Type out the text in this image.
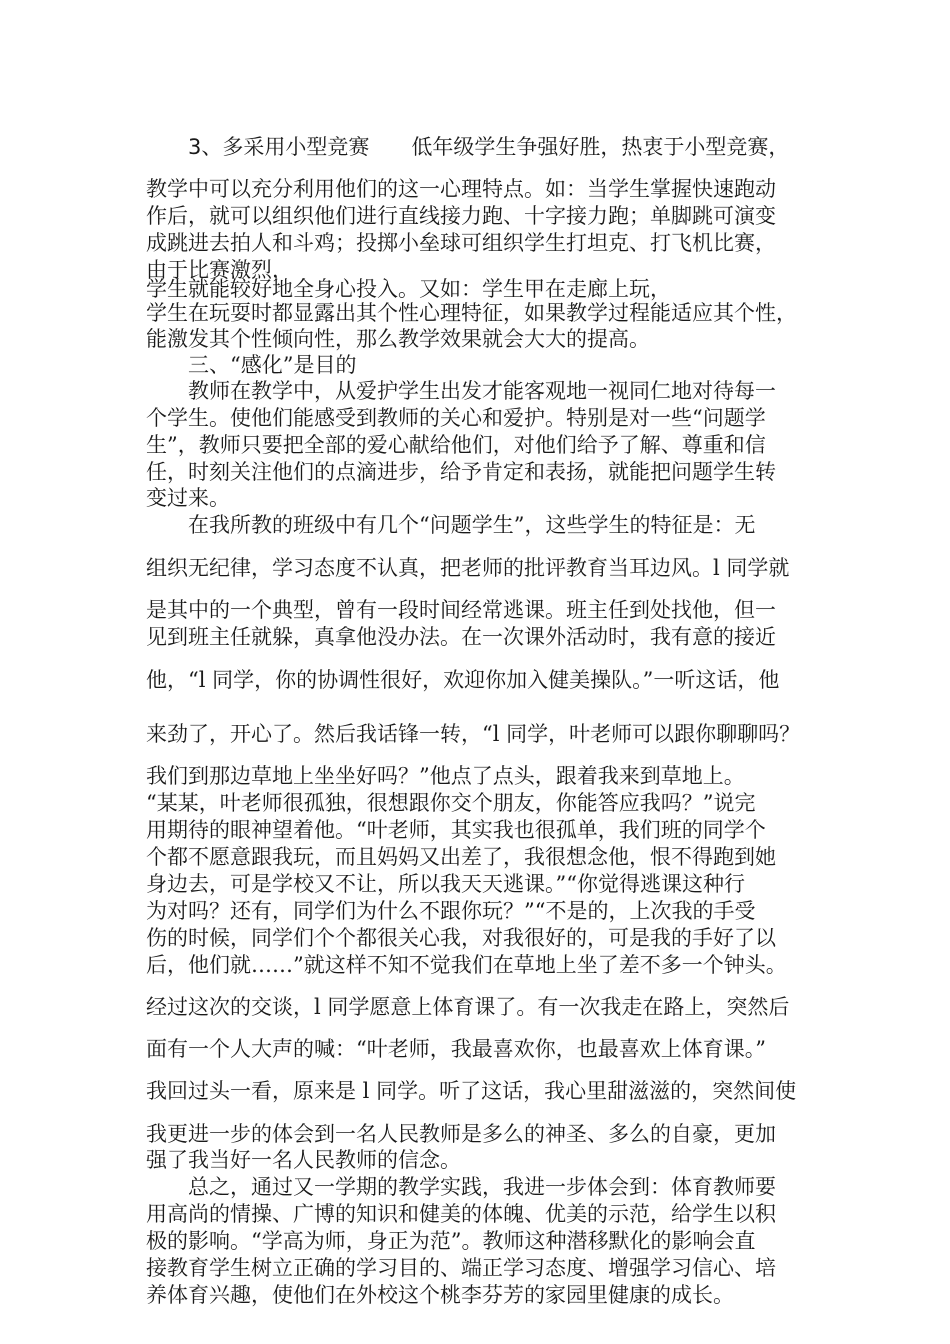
3、多采用小型竞赛　　低年级学生争强好胜，热衷于小型竞赛，
教学中可以充分利用他们的这一心理特点。如：当学生掌握快速跑动
作后，就可以组织他们进行直线接力跑、十字接力跑；单脚跳可演变
成跳进去拍人和斗鸡；投掷小垒球可组织学生打坦克、打飞机比赛，
由于比赛激烈，
学生就能较好地全身心投入。又如：学生甲在走廊上玩，
学生在玩耍时都显露出其个性心理特征，如果教学过程能适应其个性，
能激发其个性倾向性，那么教学效果就会大大的提高。
三、“感化”是目的
教师在教学中，从爱护学生出发才能客观地一视同仁地对待每一
个学生。使他们能感受到教师的关心和爱护。特别是对一些“问题学
生”，教师只要把全部的爱心献给他们，对他们给予了解、尊重和信
任，时刻关注他们的点滴进步，给予肯定和表扬，就能把问题学生转
变过来。
在我所教的班级中有几个“问题学生”，这些学生的特征是：无
组织无纪律，学习态度不认真，把老师的批评教育当耳边风。l 同学就
是其中的一个典型，曾有一段时间经常逃课。班主任到处找他，但一
见到班主任就躲，真拿他没办法。在一次课外活动时，我有意的接近
他，“l 同学，你的协调性很好，欢迎你加入健美操队。”一听这话，他
来劲了，开心了。然后我话锋一转，“l 同学，叶老师可以跟你聊聊吗？
我们到那边草地上坐坐好吗？”他点了点头，跟着我来到草地上。
“某某，叶老师很孤独，很想跟你交个朋友，你能答应我吗？”说完
用期待的眼神望着他。“叶老师，其实我也很孤单，我们班的同学个
个都不愿意跟我玩，而且妈妈又出差了，我很想念他，恨不得跑到她
身边去，可是学校又不让，所以我天天逃课。”“你觉得逃课这种行
为对吗？还有，同学们为什么不跟你玩？”“不是的，上次我的手受
伤的时候，同学们个个都很关心我，对我很好的，可是我的手好了以
后，他们就……”就这样不知不觉我们在草地上坐了差不多一个钟头。
经过这次的交谈，l 同学愿意上体育课了。有一次我走在路上，突然后
面有一个人大声的喊：“叶老师，我最喜欢你，也最喜欢上体育课。”
我回过头一看，原来是 l 同学。听了这话，我心里甜滋滋的，突然间使
我更进一步的体会到一名人民教师是多么的神圣、多么的自豪，更加
强了我当好一名人民教师的信念。
总之，通过又一学期的教学实践，我进一步体会到：体育教师要
用高尚的情操、广博的知识和健美的体魄、优美的示范，给学生以积
极的影响。“学高为师，身正为范”。教师这种潜移默化的影响会直
接教育学生树立正确的学习目的、端正学习态度、增强学习信心、培
养体育兴趣，使他们在外校这个桃李芬芳的家园里健康的成长。
